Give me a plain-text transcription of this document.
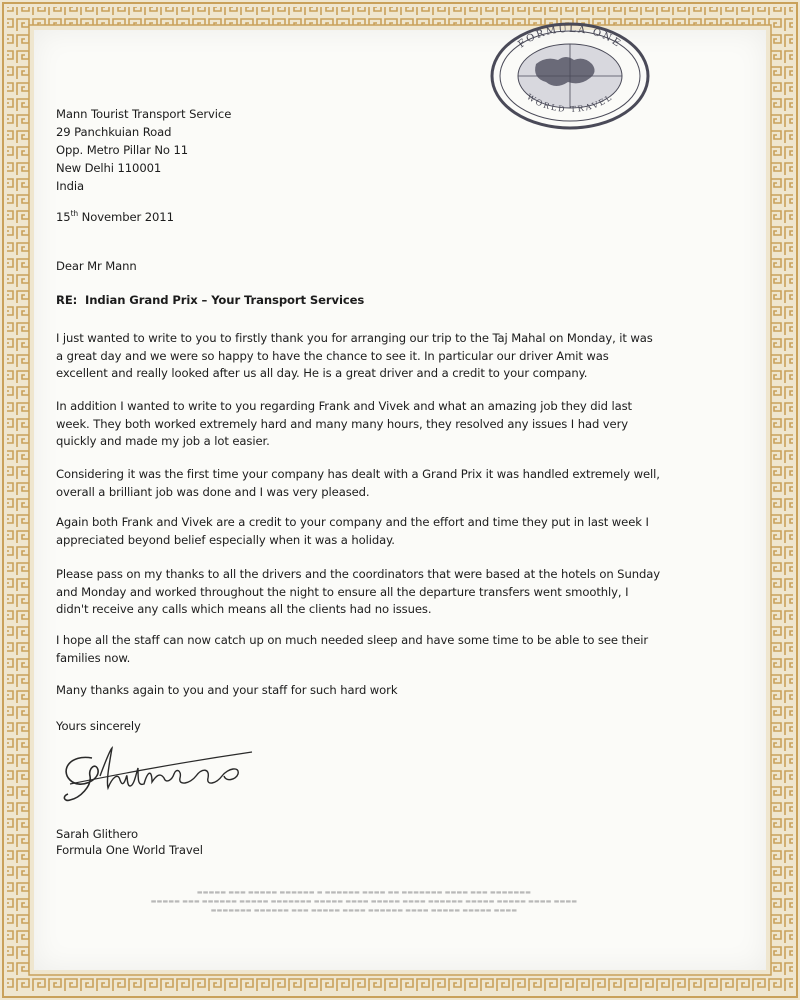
FORMULA ONE
WORLD TRAVEL
Mann Tourist Transport Service
29 Panchkuian Road
Opp. Metro Pillar No 11
New Delhi 110001
India
15th November 2011
Dear Mr Mann
RE:  Indian Grand Prix – Your Transport Services
I just wanted to write to you to firstly thank you for arranging our trip to the Taj Mahal on Monday, it was a great day and we were so happy to have the chance to see it. In particular our driver Amit was excellent and really looked after us all day. He is a great driver and a credit to your company.
In addition I wanted to write to you regarding Frank and Vivek and what an amazing job they did last week. They both worked extremely hard and many many hours, they resolved any issues I had very quickly and made my job a lot easier.
Considering it was the first time your company has dealt with a Grand Prix it was handled extremely well, overall a brilliant job was done and I was very pleased.
Again both Frank and Vivek are a credit to your company and the effort and time they put in last week I appreciated beyond belief especially when it was a holiday.
Please pass on my thanks to all the drivers and the coordinators that were based at the hotels on Sunday and Monday and worked throughout the night to ensure all the departure transfers went smoothly, I didn't receive any calls which means all the clients had no issues.
I hope all the staff can now catch up on much needed sleep and have some time to be able to see their families now.
Many thanks again to you and your staff for such hard work
Yours sincerely
Sarah Glithero
Formula One World Travel
▬▬▬▬▬ ▬▬▬ ▬▬▬▬▬ ▬▬▬▬▬▬ ▬ ▬▬▬▬▬▬ ▬▬▬▬ ▬▬ ▬▬▬▬▬▬▬ ▬▬▬▬ ▬▬▬ ▬▬▬▬▬▬▬
▬▬▬▬▬ ▬▬▬ ▬▬▬▬▬▬ ▬▬▬▬▬ ▬▬▬▬▬▬▬ ▬▬▬▬▬ ▬▬▬▬ ▬▬▬▬▬ ▬▬▬▬ ▬▬▬▬▬▬ ▬▬▬▬▬ ▬▬▬▬▬ ▬▬▬▬ ▬▬▬▬
▬▬▬▬▬▬▬ ▬▬▬▬▬▬ ▬▬▬ ▬▬▬▬▬ ▬▬▬▬ ▬▬▬▬▬▬ ▬▬▬▬ ▬▬▬▬▬ ▬▬▬▬▬ ▬▬▬▬
